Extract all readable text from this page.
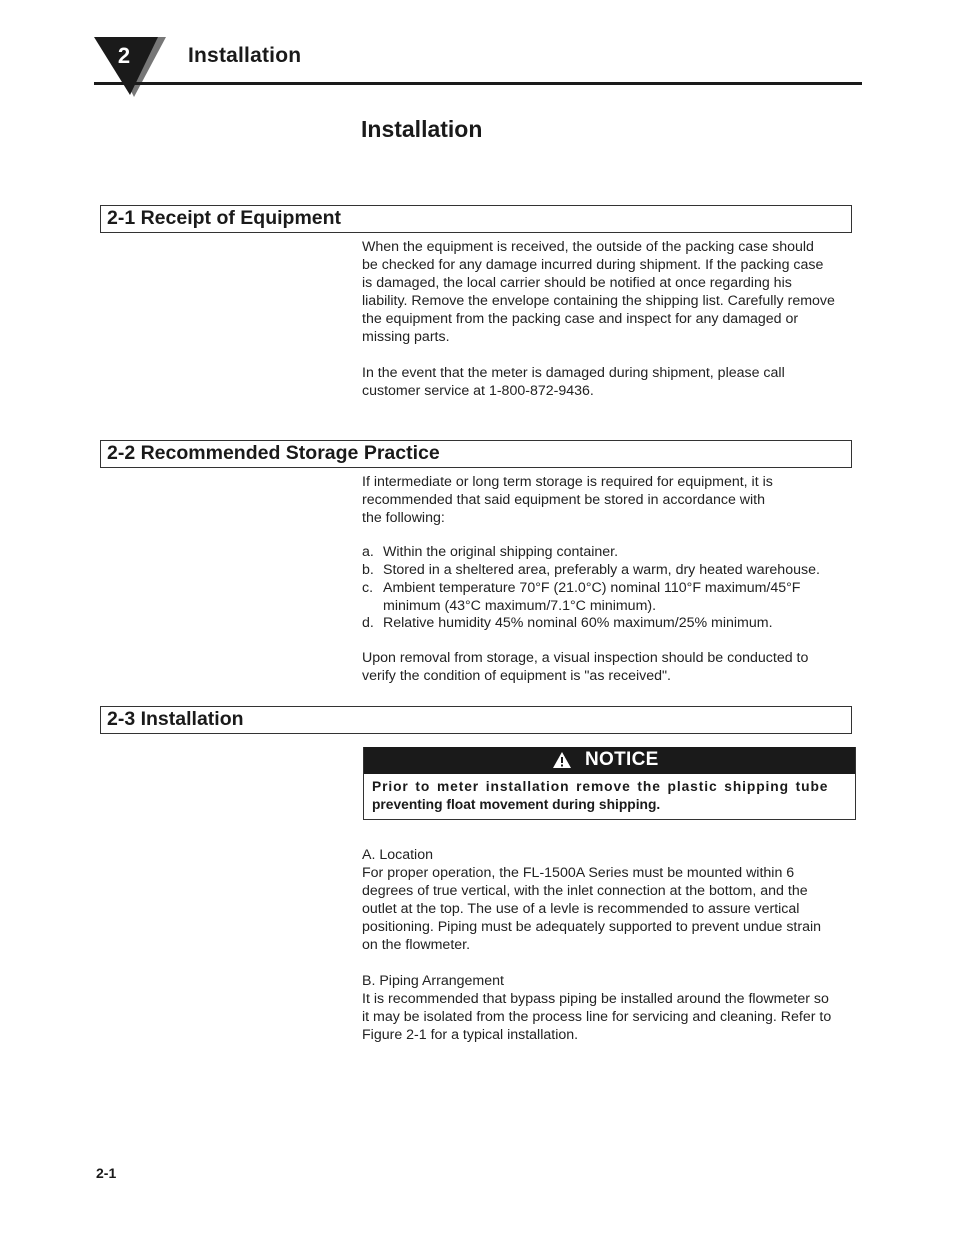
2	Installation
Installation
2-1 Receipt of Equipment

When the equipment is received, the outside of the packing case should

be checked for any damage incurred during shipment. If the packing case

is damaged, the local carrier should be notified at once regarding his

liability. Remove the envelope containing the shipping list. Carefully remove

the equipment from the packing case and inspect for any damaged or

missing parts.

In the event that the meter is damaged during shipment, please call

customer service at 1-800-872-9436.

2-2 Recommended Storage Practice

If intermediate or long term storage is required for equipment, it is

recommended that said equipment be stored in accordance with

the following:

a. Within the original shipping container.
b. Stored in a sheltered area, preferably a warm, dry heated warehouse.
c. Ambient temperature 70°F (21.0°C) nominal 110°F maximum/45°F
minimum (43°C maximum/7.1°C minimum).
d. Relative humidity 45% nominal 60% maximum/25% minimum.

Upon removal from storage, a visual inspection should be conducted to

verify the condition of equipment is "as received".

2-3 Installation
NOTICE

Prior to meter installation remove the plastic shipping tube

preventing float movement during shipping.

A. Location

For proper operation, the FL-1500A Series must be mounted within 6

degrees of true vertical, with the inlet connection at the bottom, and the

outlet at the top. The use of a levle is recommended to assure vertical

positioning. Piping must be adequately supported to prevent undue strain

on the flowmeter.

B. Piping Arrangement

It is recommended that bypass piping be installed around the flowmeter so

it may be isolated from the process line for servicing and cleaning. Refer to

Figure 2-1 for a typical installation.

2-1
